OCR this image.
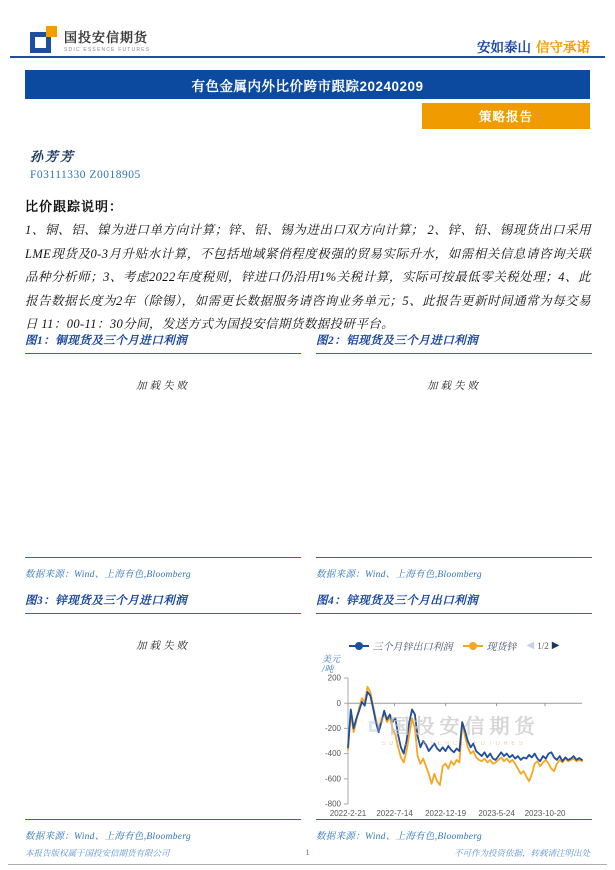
国投安信期货
SDIC ESSENCE FUTURES	安如泰山 信守承诺
有色金属内外比价跨市跟踪20240209
策略报告
孙芳芳
F03111330 Z0018905
比价跟踪说明：
1、铜、铝、镍为进口单方向计算；锌、铅、锡为进出口双方向计算； 2、锌、铅、锡现货出口采用LME现货及0-3月升贴水计算，不包括地域紧俏程度极强的贸易实际升水，如需相关信息请咨询关联品种分析师；3、考虑2022年度税则，锌进口仍沿用1%关税计算，实际可按最低零关税处理；4、此报告数据长度为2年（除锡），如需更长数据服务请咨询业务单元；5、此报告更新时间通常为每交易日 11：00-11：30分间，发送方式为国投安信期货数据投研平台。
图1：铜现货及三个月进口利润
加载失败
数据来源：Wind、上海有色,Bloomberg
图2：铝现货及三个月进口利润
加载失败
数据来源：Wind、上海有色,Bloomberg
图3：锌现货及三个月进口利润
加载失败
数据来源：Wind、上海有色,Bloomberg
图4：锌现货及三个月出口利润
三个月锌出口利润	现货锌 ◀ 1/2 ▶
美元
/吨
200
0
-200
-400
-600
-800
2022-2-21 2022-7-14 2022-12-19 2023-5-24 2023-10-20
国投安信期货
SDIC ESSENCE FUTURES
数据来源：Wind、上海有色,Bloomberg
本报告版权属于国投安信期货有限公司	1	不可作为投资依据，转载请注明出处
